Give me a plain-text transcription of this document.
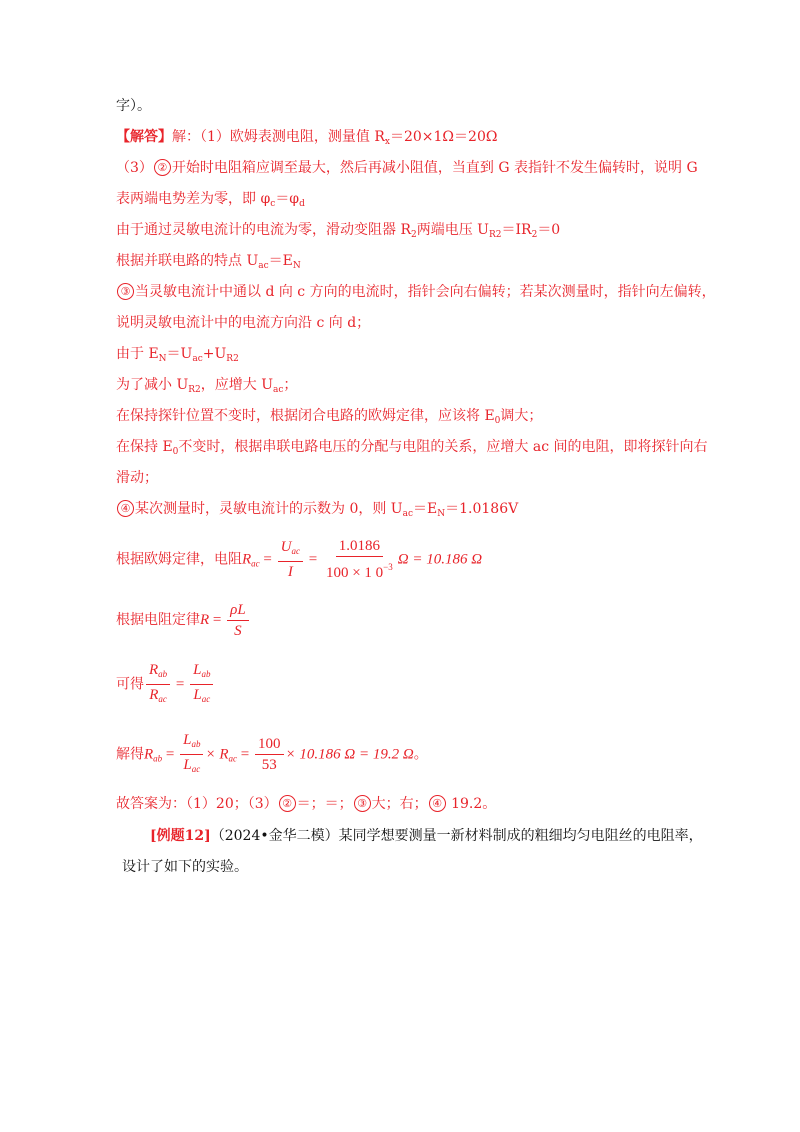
字）。
【解答】解：（1）欧姆表测电阻，测量值 $R_x=20\times 1\Omega=20\Omega$
（3） ② 开始时电阻箱应调至最大，然后再减小阻值，当直到 G 表指针不发生偏转时，说明 G
表两端电势差为零，即 $\varphi_c=\varphi_d$
由于通过灵敏电流计的电流为零，滑动变阻器 $R_2$两端电压 $U_{R2}=IR_2=0$
根据并联电路的特点 $U_{ac}=E_N$
③ 当灵敏电流计中通以 d 向 c 方向的电流时，指针会向右偏转；若某次测量时，指针向左偏转，
说明灵敏电流计中的电流方向沿 c 向 d；
由于 $E_N=U_{ac}+U_{R2}$
为了减小 $U_{R2}$，应增大 $U_{ac}$；
在保持探针位置不变时，根据闭合电路的欧姆定律，应该将 $E_0$调大；
在保持 $E_0$不变时，根据串联电路电压的分配与电阻的关系，应增大 ac 间的电阻，即将探针向右
滑动；
④ 某次测量时，灵敏电流计的示数为 0，则 $U_{ac}=E_N=1.0186V$
根据欧姆定律，电阻$R_{ac} = \frac{U_{ac}}{I} = \frac{1.0186}{100 \times 1 0^{-3}}$ Ω = 10.186 Ω
根据电阻定律$R = \frac{\rho L}{S}$
可得 $\frac{R_{ab}}{R_{ac}} = \frac{L_{ab}}{L_{ac}}$
解得$R_{ab} = \frac{L_{ab}}{L_{ac}} \times R_{ac} = \frac{100}{53} \times 10.186$ Ω = 19.2 Ω。
故答案为：（1）20；（3） ② ＝；＝； ③ 大；右； ④ 19.2。
[例题12]（2024•金华二模）某同学想要测量一新材料制成的粗细均匀电阻丝的电阻率，
设计了如下的实验。
